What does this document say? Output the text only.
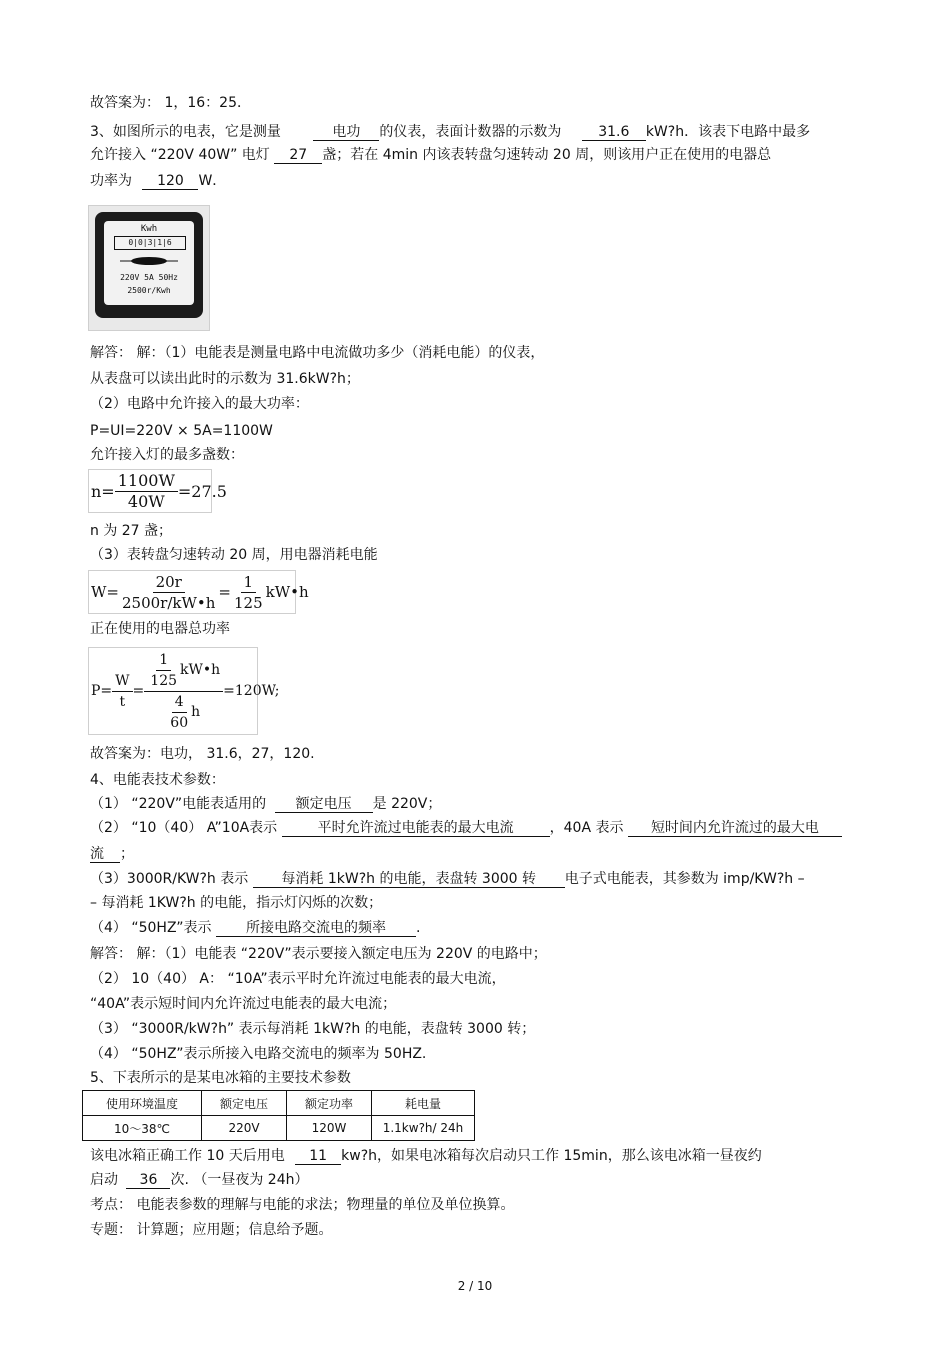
故答案为： 1，16：25．
3、如图所示的电表，它是测量	电功 的仪表，表面计数器的示数为	31.6 kW?h．该表下电路中最多
允许接入 “220V 40W” 电灯 27 盏；若在 4min 内该表转盘匀速转动 20 周，则该用户正在使用的电器总
功率为 120 W．
Kwh
0|0|3|1|6
220V 5A 50Hz
2500r/Kwh
解答： 解：（1）电能表是测量电路中电流做功多少（消耗电能）的仪表，
从表盘可以读出此时的示数为 31.6kW?h；
（2）电路中允许接入的最大功率：
P=UI=220V × 5A=1100W
允许接入灯的最多盏数：
$n= \frac{1100W}{40W} =27.5$
n 为 27 盏；
（3）表转盘匀速转动 20 周，用电器消耗电能
$W= \frac{20r}{2500r/kW•h} = \frac{1}{125}$ kW•h
正在使用的电器总功率
$P= \frac{W}{t} = \frac{\frac{1}{125} kW•h}{\frac{4}{60} h} =120W$;
故答案为：电功， 31.6，27，120.
4、电能表技术参数：
（1） “220V”电能表适用的 额定电压 是 220V；
（2） “10（40） A”10A表示	平时允许流过电能表的最大电流	，40A 表示 短时间内允许流过的最大电
流 ；
（3）3000R/KW?h 表示 每消耗 1kW?h 的电能，表盘转 3000 转 电子式电能表，其参数为 imp/KW?h –
– 每消耗 1KW?h 的电能，指示灯闪烁的次数；
（4） “50HZ”表示 所接电路交流电的频率 .
解答： 解：（1）电能表 “220V”表示要接入额定电压为 220V 的电路中；
（2） 10（40） A： “10A”表示平时允许流过电能表的最大电流，
“40A”表示短时间内允许流过电能表的最大电流；
（3） “3000R/kW?h” 表示每消耗 1kW?h 的电能，表盘转 3000 转；
（4） “50HZ”表示所接入电路交流电的频率为 50HZ.
5、下表所示的是某电冰箱的主要技术参数
使用环境温度	额定电压	额定功率	耗电量
10～38℃	220V	120W	1.1kw?h/ 24h
该电冰箱正确工作 10 天后用电 11 kw?h，如果电冰箱每次启动只工作 15min，那么该电冰箱一昼夜约
启动 36 次. （一昼夜为 24h）
考点： 电能表参数的理解与电能的求法；物理量的单位及单位换算。
专题： 计算题；应用题；信息给予题。
2 / 10
